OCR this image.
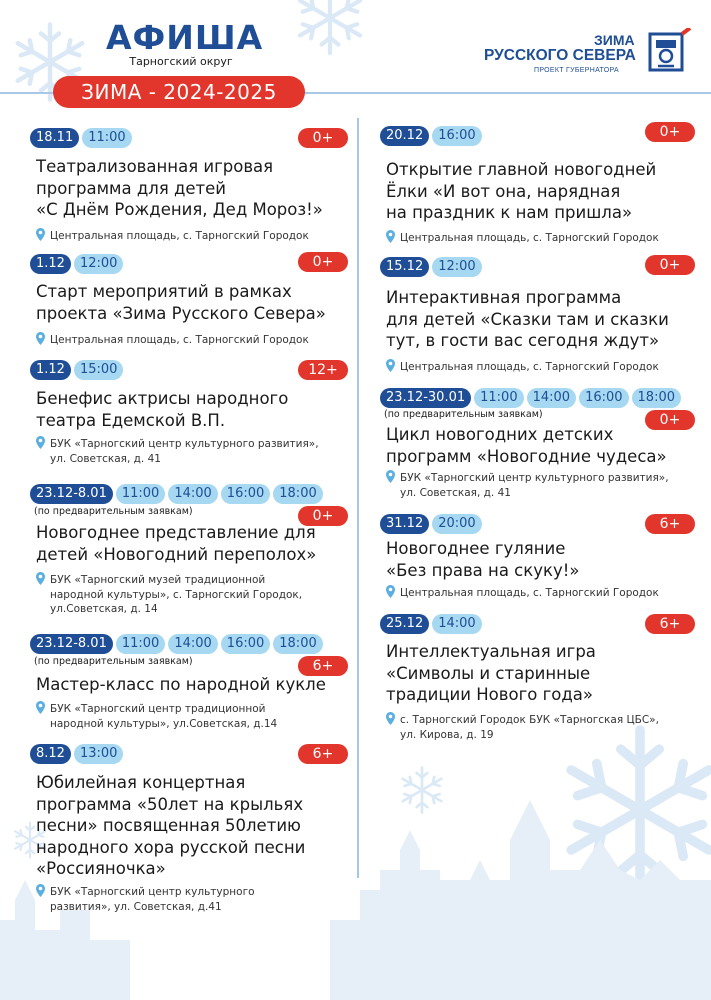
АФИША
Тарногский округ
ЗИМА - 2024-2025
ЗИМА
РУССКОГО СЕВЕРА
ПРОЕКТ ГУБЕРНАТОРА
18.11 11:00	0+
Театрализованная игровая
программа для детей
«С Днём Рождения, Дед Мороз!»
Центральная площадь, с. Тарногский Городок
1.12 12:00	0+
Старт мероприятий в рамках
проекта «Зима Русского Севера»
Центральная площадь, с. Тарногский Городок
1.12 15:00	12+
Бенефис актрисы народного
театра Едемской В.П.
БУК «Тарногский центр культурного развития»,
ул. Советская, д. 41
23.12-8.01 11:00 14:00 16:00 18:00
(по предварительным заявкам)	0+
Новогоднее представление для
детей «Новогодний переполох»
БУК «Тарногский музей традиционной
народной культуры», с. Тарногский Городок,
ул.Советская, д. 14
23.12-8.01 11:00 14:00 16:00 18:00
(по предварительным заявкам)	6+
Мастер-класс по народной кукле
БУК «Тарногский центр традиционной
народной культуры», ул.Советская, д.14
8.12 13:00	6+
Юбилейная концертная
программа «50лет на крыльях
песни» посвященная 50летию
народного хора русской песни
«Россияночка»
БУК «Тарногский центр культурного
развития», ул. Советская, д.41
20.12 16:00	0+
Открытие главной новогодней
Ёлки «И вот она, нарядная
на праздник к нам пришла»
Центральная площадь, с. Тарногский Городок
15.12 12:00	0+
Интерактивная программа
для детей «Сказки там и сказки
тут, в гости вас сегодня ждут»
Центральная площадь, с. Тарногский Городок
23.12-30.01 11:00 14:00 16:00 18:00
(по предварительным заявкам)	0+
Цикл новогодних детских
программ «Новогодние чудеса»
БУК «Тарногский центр культурного развития»,
ул. Советская, д. 41
31.12 20:00	6+
Новогоднее гуляние
«Без права на скуку!»
Центральная площадь, с. Тарногский Городок
25.12 14:00	6+
Интеллектуальная игра
«Символы и старинные
традиции Нового года»
с. Тарногский Городок БУК «Тарногская ЦБС»,
ул. Кирова, д. 19
